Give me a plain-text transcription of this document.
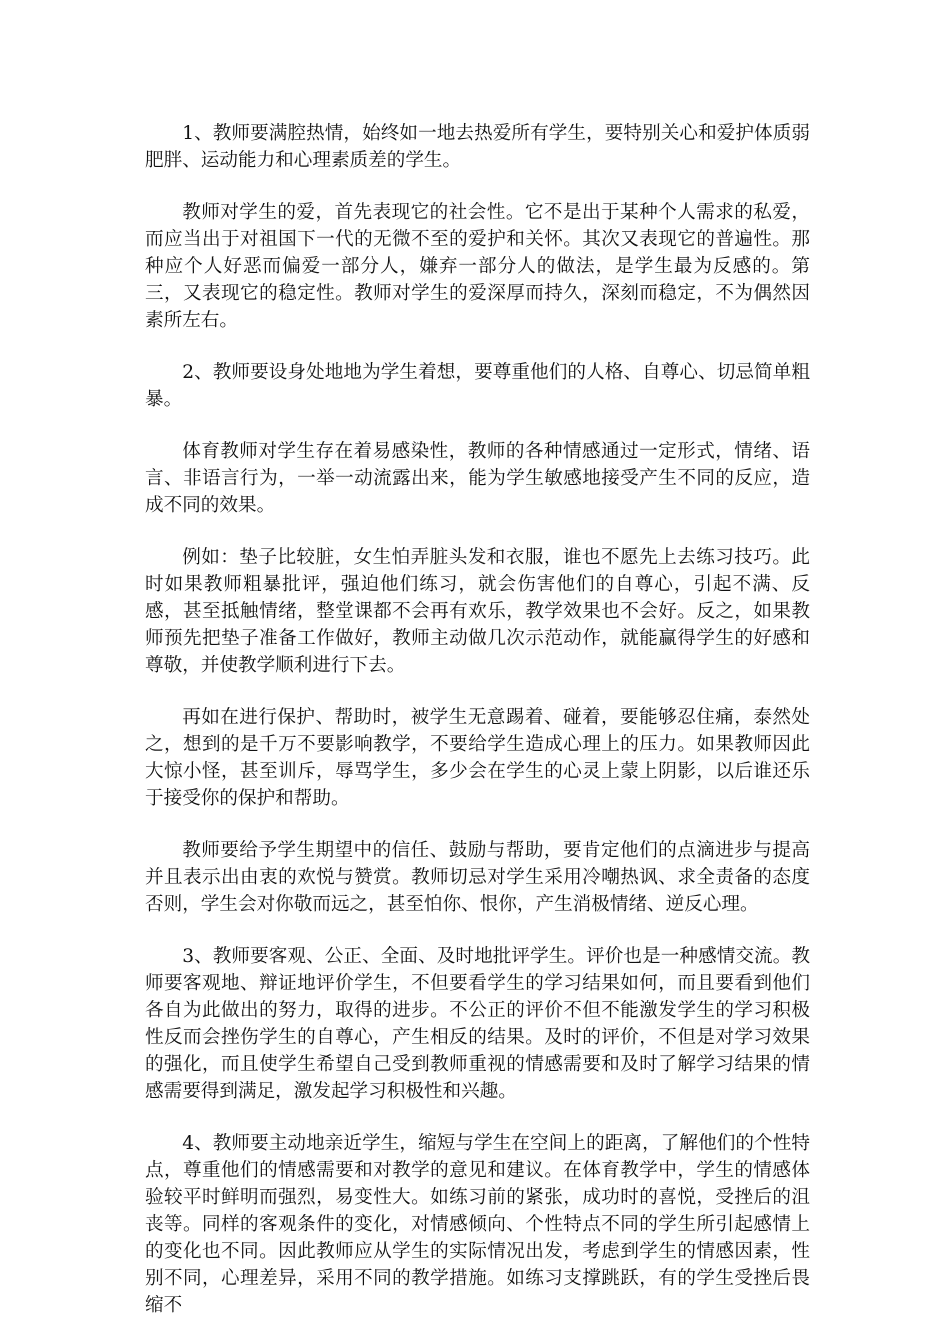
1、教师要满腔热情，始终如一地去热爱所有学生，要特别关心和爱护体质弱肥胖、运动能力和心理素质差的学生。

教师对学生的爱，首先表现它的社会性。它不是出于某种个人需求的私爱，而应当出于对祖国下一代的无微不至的爱护和关怀。其次又表现它的普遍性。那种应个人好恶而偏爱一部分人，嫌弃一部分人的做法，是学生最为反感的。第三，又表现它的稳定性。教师对学生的爱深厚而持久，深刻而稳定，不为偶然因素所左右。

2、教师要设身处地地为学生着想，要尊重他们的人格、自尊心、切忌简单粗暴。

体育教师对学生存在着易感染性，教师的各种情感通过一定形式，情绪、语言、非语言行为，一举一动流露出来，能为学生敏感地接受产生不同的反应，造成不同的效果。

例如：垫子比较脏，女生怕弄脏头发和衣服，谁也不愿先上去练习技巧。此时如果教师粗暴批评，强迫他们练习，就会伤害他们的自尊心，引起不满、反感，甚至抵触情绪，整堂课都不会再有欢乐，教学效果也不会好。反之，如果教师预先把垫子准备工作做好，教师主动做几次示范动作，就能赢得学生的好感和尊敬，并使教学顺利进行下去。

再如在进行保护、帮助时，被学生无意踢着、碰着，要能够忍住痛，泰然处之，想到的是千万不要影响教学，不要给学生造成心理上的压力。如果教师因此大惊小怪，甚至训斥，辱骂学生，多少会在学生的心灵上蒙上阴影，以后谁还乐于接受你的保护和帮助。

教师要给予学生期望中的信任、鼓励与帮助，要肯定他们的点滴进步与提高并且表示出由衷的欢悦与赞赏。教师切忌对学生采用冷嘲热讽、求全责备的态度否则，学生会对你敬而远之，甚至怕你、恨你，产生消极情绪、逆反心理。

3、教师要客观、公正、全面、及时地批评学生。评价也是一种感情交流。教师要客观地、辩证地评价学生，不但要看学生的学习结果如何，而且要看到他们各自为此做出的努力，取得的进步。不公正的评价不但不能激发学生的学习积极性反而会挫伤学生的自尊心，产生相反的结果。及时的评价，不但是对学习效果的强化，而且使学生希望自己受到教师重视的情感需要和及时了解学习结果的情感需要得到满足，激发起学习积极性和兴趣。

4、教师要主动地亲近学生，缩短与学生在空间上的距离，了解他们的个性特点，尊重他们的情感需要和对教学的意见和建议。在体育教学中，学生的情感体验较平时鲜明而强烈，易变性大。如练习前的紧张，成功时的喜悦，受挫后的沮丧等。同样的客观条件的变化，对情感倾向、个性特点不同的学生所引起感情上的变化也不同。因此教师应从学生的实际情况出发，考虑到学生的情感因素，性别不同，心理差异，采用不同的教学措施。如练习支撑跳跃，有的学生受挫后畏缩不
